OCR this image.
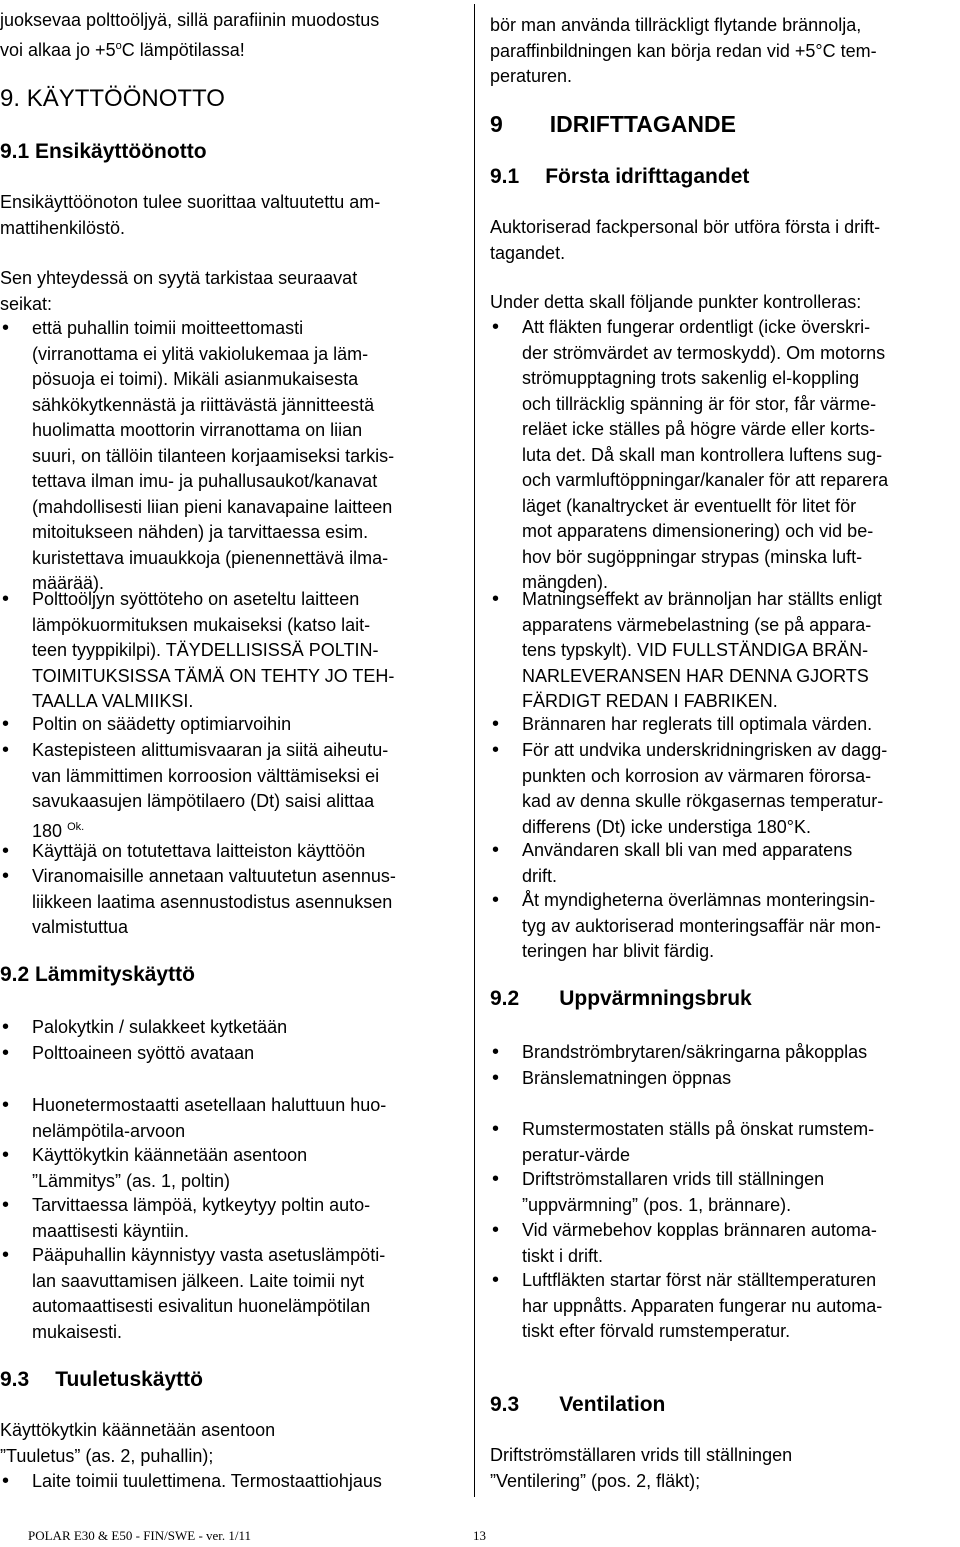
juoksevaa polttoöljyä, sillä parafiinin muodostus
voi alkaa jo $+5^oC$ lämpötilassa!
9. KÄYTTÖÖNOTTO
9.1 Ensikäyttöönotto
Ensikäyttöönoton tulee suorittaa valtuutettu am-
mattihenkilöstö.
Sen yhteydessä on syytä tarkistaa seuraavat
seikat:
• että puhallin toimii moitteettomasti
(virranottama ei ylitä vakiolukemaa ja läm-
pösuoja ei toimi). Mikäli asianmukaisesta
sähkökytkennästä ja riittävästä jännitteestä
huolimatta moottorin virranottama on liian
suuri, on tällöin tilanteen korjaamiseksi tarkis-
tettava ilman imu- ja puhallusaukot/kanavat
(mahdollisesti liian pieni kanavapaine laitteen
mitoitukseen nähden) ja tarvittaessa esim.
kuristettava imuaukkoja (pienennettävä ilma-
määrää).
• Polttoöljyn syöttöteho on aseteltu laitteen
lämpökuormituksen mukaiseksi (katso lait-
teen tyyppikilpi). TÄYDELLISISSÄ POLTIN-
TOIMITUKSISSA TÄMÄ ON TEHTY JO TEH-
TAALLA VALMIIKSI.
• Poltin on säädetty optimiarvoihin
• Kastepisteen alittumisvaaran ja siitä aiheutu-
van lämmittimen korroosion välttämiseksi ei
savukaasujen lämpötilaero (Dt) saisi alittaa
180 $^{Ok.}$
• Käyttäjä on totutettava laitteiston käyttöön
• Viranomaisille annetaan valtuutetun asennus-
liikkeen laatima asennustodistus asennuksen
valmistuttua
9.2 Lämmityskäyttö
• Palokytkin / sulakkeet kytketään
• Polttoaineen syöttö avataan
• Huonetermostaatti asetellaan haluttuun huo-
nelämpötila-arvoon
• Käyttökytkin käännetään asentoon
”Lämmitys” (as. 1, poltin)
• Tarvittaessa lämpöä, kytkeytyy poltin auto-
maattisesti käyntiin.
• Pääpuhallin käynnistyy vasta asetuslämpöti-
lan saavuttamisen jälkeen. Laite toimii nyt
automaattisesti esivalitun huonelämpötilan
mukaisesti.
9.3 Tuuletuskäyttö
Käyttökytkin käännetään asentoon
”Tuuletus” (as. 2, puhallin);
• Laite toimii tuulettimena. Termostaattiohjaus
bör man använda tillräckligt flytande brännolja,
paraffinbildningen kan börja redan vid +5°C tem-
peraturen.
9 IDRIFTTAGANDE
9.1 Första idrifttagandet
Auktoriserad fackpersonal bör utföra första i drift-
tagandet.
Under detta skall följande punkter kontrolleras:
• Att fläkten fungerar ordentligt (icke överskri-
der strömvärdet av termoskydd). Om motorns
strömupptagning trots sakenlig el-koppling
och tillräcklig spänning är för stor, får värme-
reläet icke ställes på högre värde eller korts-
luta det. Då skall man kontrollera luftens sug-
och varmluftöppningar/kanaler för att reparera
läget (kanaltrycket är eventuellt för litet för
mot apparatens dimensionering) och vid be-
hov bör sugöppningar strypas (minska luft-
mängden).
• Matningseffekt av brännoljan har ställts enligt
apparatens värmebelastning (se på appara-
tens typskylt). VID FULLSTÄNDIGA BRÄN-
NARLEVERANSEN HAR DENNA GJORTS
FÄRDIGT REDAN I FABRIKEN.
• Brännaren har reglerats till optimala värden.
• För att undvika underskridningrisken av dagg-
punkten och korrosion av värmaren förorsa-
kad av denna skulle rökgasernas temperatur-
differens (Dt) icke understiga 180°K.
• Användaren skall bli van med apparatens
drift.
• Åt myndigheterna överlämnas monteringsin-
tyg av auktoriserad monteringsaffär när mon-
teringen har blivit färdig.
9.2 Uppvärmningsbruk
• Brandströmbrytaren/säkringarna påkopplas
• Bränslematningen öppnas
• Rumstermostaten ställs på önskat rumstem-
peratur-värde
• Driftströmstallaren vrids till ställningen
”uppvärmning” (pos. 1, brännare).
• Vid värmebehov kopplas brännaren automa-
tiskt i drift.
• Luftfläkten startar först när ställtemperaturen
har uppnåtts. Apparaten fungerar nu automa-
tiskt efter förvald rumstemperatur.
9.3 Ventilation
Driftströmställaren vrids till ställningen
”Ventilering” (pos. 2, fläkt);
POLAR E30 & E50 - FIN/SWE - ver. 1/11	13
